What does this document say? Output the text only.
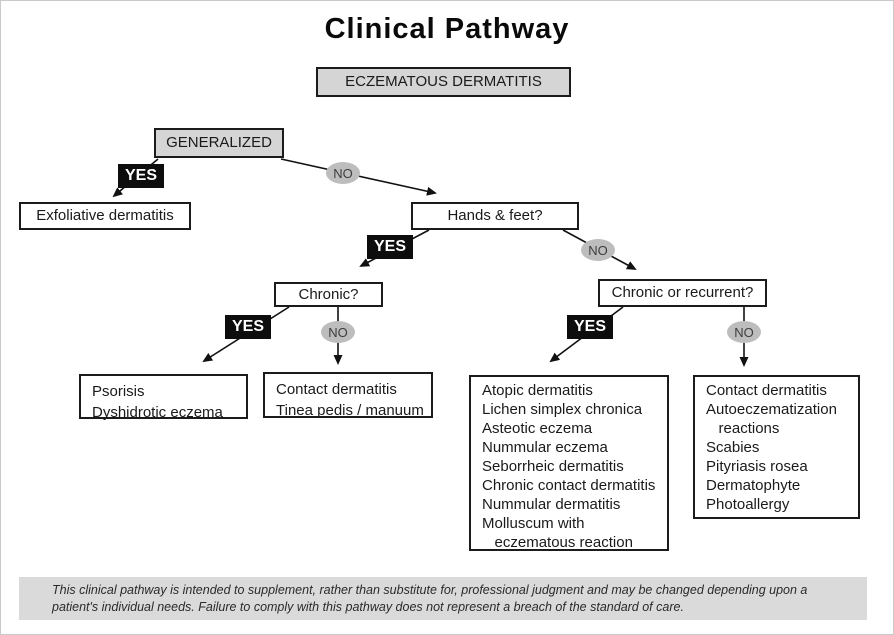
Clinical Pathway
ECZEMATOUS DERMATITIS
GENERALIZED
YES	NO
Exfoliative dermatitis	Hands & feet?
YES	NO
Chronic?	Chronic or recurrent?
YES	NO	YES	NO
Psorisis
Dyshidrotic eczema
Contact dermatitis
Tinea pedis / manuum
Atopic dermatitis
Lichen simplex chronica
Asteotic eczema
Nummular eczema
Seborrheic dermatitis
Chronic contact dermatitis
Nummular dermatitis
Molluscum with
eczematous reaction
Contact dermatitis
Autoeczematization
reactions
Scabies
Pityriasis rosea
Dermatophyte
Photoallergy
This clinical pathway is intended to supplement, rather than substitute for, professional judgment and may be changed depending upon a patient's individual needs. Failure to comply with this pathway does not represent a breach of the standard of care.
